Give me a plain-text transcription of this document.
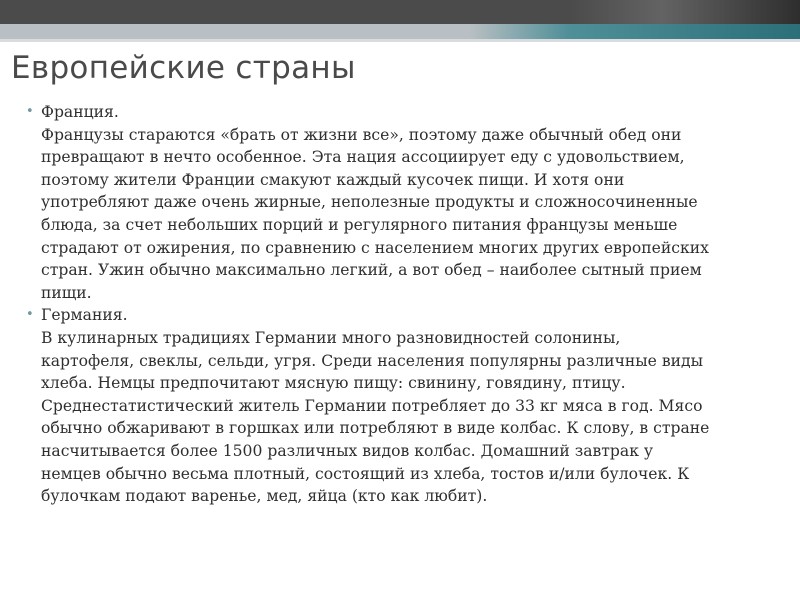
Европейские страны
• Франция.
Французы стараются «брать от жизни все», поэтому даже обычный обед они
превращают в нечто особенное. Эта нация ассоциирует еду с удовольствием,
поэтому жители Франции смакуют каждый кусочек пищи. И хотя они
употребляют даже очень жирные, неполезные продукты и сложносочиненные
блюда, за счет небольших порций и регулярного питания французы меньше
страдают от ожирения, по сравнению с населением многих других европейских
стран. Ужин обычно максимально легкий, а вот обед – наиболее сытный прием
пищи.
• Германия.
В кулинарных традициях Германии много разновидностей солонины,
картофеля, свеклы, сельди, угря. Среди населения популярны различные виды
хлеба. Немцы предпочитают мясную пищу: свинину, говядину, птицу.
Среднестатистический житель Германии потребляет до 33 кг мяса в год. Мясо
обычно обжаривают в горшках или потребляют в виде колбас. К слову, в стране
насчитывается более 1500 различных видов колбас. Домашний завтрак у
немцев обычно весьма плотный, состоящий из хлеба, тостов и/или булочек. К
булочкам подают варенье, мед, яйца (кто как любит).
